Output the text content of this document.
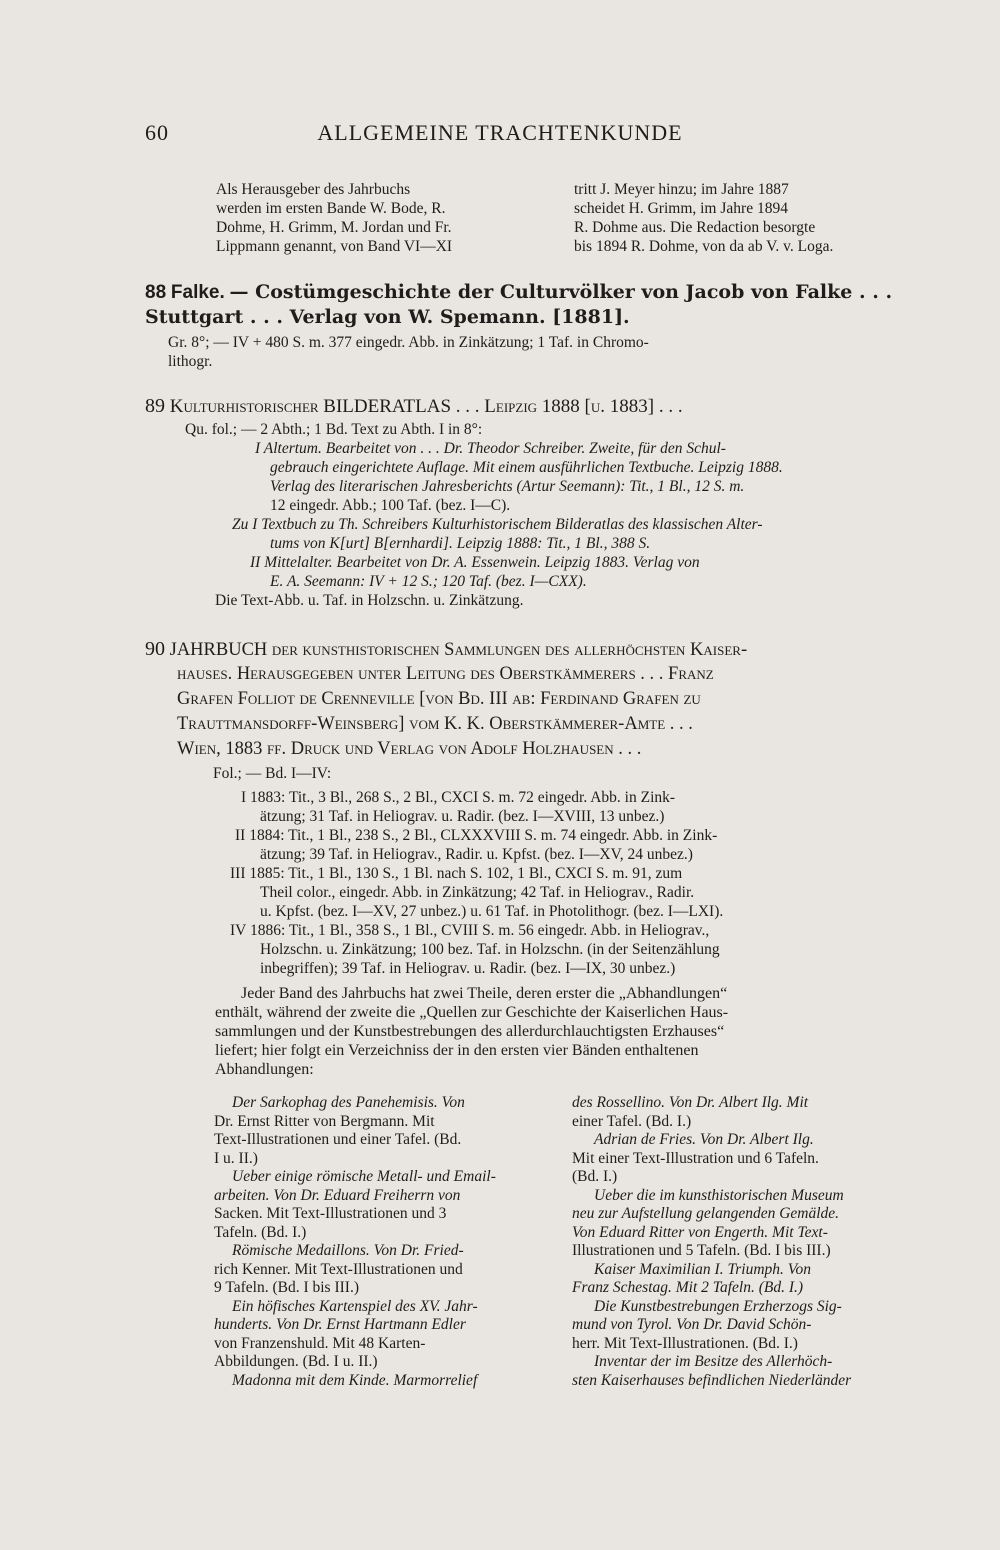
60	ALLGEMEINE TRACHTENKUNDE
Als Herausgeber des Jahrbuchs
werden im ersten Bande W. Bode, R.
Dohme, H. Grimm, M. Jordan und Fr.
Lippmann genannt, von Band VI—XI
tritt J. Meyer hinzu; im Jahre 1887
scheidet H. Grimm, im Jahre 1894
R. Dohme aus. Die Redaction besorgte
bis 1894 R. Dohme, von da ab V. v. Loga.
88 Falke. — Costümgeschichte der Culturvölker von Jacob von Falke . . .
Stuttgart . . . Verlag von W. Spemann. [1881].
Gr. 8°; — IV + 480 S. m. 377 eingedr. Abb. in Zinkätzung; 1 Taf. in Chromo-
lithogr.
89 Kulturhistorischer BILDERATLAS . . . Leipzig 1888 [u. 1883] . . .
Qu. fol.; — 2 Abth.; 1 Bd. Text zu Abth. I in 8°:
I Altertum. Bearbeitet von . . . Dr. Theodor Schreiber. Zweite, für den Schul-
gebrauch eingerichtete Auflage. Mit einem ausführlichen Textbuche. Leipzig 1888.
Verlag des literarischen Jahresberichts (Artur Seemann): Tit., 1 Bl., 12 S. m.
12 eingedr. Abb.; 100 Taf. (bez. I—C).
Zu I Textbuch zu Th. Schreibers Kulturhistorischem Bilderatlas des klassischen Alter-
tums von K[urt] B[ernhardi]. Leipzig 1888: Tit., 1 Bl., 388 S.
II Mittelalter. Bearbeitet von Dr. A. Essenwein. Leipzig 1883. Verlag von
E. A. Seemann: IV + 12 S.; 120 Taf. (bez. I—CXX).
Die Text-Abb. u. Taf. in Holzschn. u. Zinkätzung.
90 JAHRBUCH der kunsthistorischen Sammlungen des allerhöchsten Kaiser-
hauses. Herausgegeben unter Leitung des Oberstkämmerers . . . Franz
Grafen Folliot de Crenneville [von Bd. III ab: Ferdinand Grafen zu
Trauttmansdorff-Weinsberg] vom K. K. Oberstkämmerer-Amte . . .
Wien, 1883 ff. Druck und Verlag von Adolf Holzhausen . . .
Fol.; — Bd. I—IV:
I 1883: Tit., 3 Bl., 268 S., 2 Bl., CXCI S. m. 72 eingedr. Abb. in Zink-
ätzung; 31 Taf. in Heliograv. u. Radir. (bez. I—XVIII, 13 unbez.)
II 1884: Tit., 1 Bl., 238 S., 2 Bl., CLXXXVIII S. m. 74 eingedr. Abb. in Zink-
ätzung; 39 Taf. in Heliograv., Radir. u. Kpfst. (bez. I—XV, 24 unbez.)
III 1885: Tit., 1 Bl., 130 S., 1 Bl. nach S. 102, 1 Bl., CXCI S. m. 91, zum
Theil color., eingedr. Abb. in Zinkätzung; 42 Taf. in Heliograv., Radir.
u. Kpfst. (bez. I—XV, 27 unbez.) u. 61 Taf. in Photolithogr. (bez. I—LXI).
IV 1886: Tit., 1 Bl., 358 S., 1 Bl., CVIII S. m. 56 eingedr. Abb. in Heliograv.,
Holzschn. u. Zinkätzung; 100 bez. Taf. in Holzschn. (in der Seitenzählung
inbegriffen); 39 Taf. in Heliograv. u. Radir. (bez. I—IX, 30 unbez.)
Jeder Band des Jahrbuchs hat zwei Theile, deren erster die „Abhandlungen“
enthält, während der zweite die „Quellen zur Geschichte der Kaiserlichen Haus-
sammlungen und der Kunstbestrebungen des allerdurchlauchtigsten Erzhauses“
liefert; hier folgt ein Verzeichniss der in den ersten vier Bänden enthaltenen
Abhandlungen:
Der Sarkophag des Panehemisis. Von
Dr. Ernst Ritter von Bergmann. Mit
Text-Illustrationen und einer Tafel. (Bd.
I u. II.)
Ueber einige römische Metall- und Email-
arbeiten. Von Dr. Eduard Freiherrn von
Sacken. Mit Text-Illustrationen und 3
Tafeln. (Bd. I.)
Römische Medaillons. Von Dr. Fried-
rich Kenner. Mit Text-Illustrationen und
9 Tafeln. (Bd. I bis III.)
Ein höfisches Kartenspiel des XV. Jahr-
hunderts. Von Dr. Ernst Hartmann Edler
von Franzenshuld. Mit 48 Karten-
Abbildungen. (Bd. I u. II.)
Madonna mit dem Kinde. Marmorrelief
des Rossellino. Von Dr. Albert Ilg. Mit
einer Tafel. (Bd. I.)
Adrian de Fries. Von Dr. Albert Ilg.
Mit einer Text-Illustration und 6 Tafeln.
(Bd. I.)
Ueber die im kunsthistorischen Museum
neu zur Aufstellung gelangenden Gemälde.
Von Eduard Ritter von Engerth. Mit Text-
Illustrationen und 5 Tafeln. (Bd. I bis III.)
Kaiser Maximilian I. Triumph. Von
Franz Schestag. Mit 2 Tafeln. (Bd. I.)
Die Kunstbestrebungen Erzherzogs Sig-
mund von Tyrol. Von Dr. David Schön-
herr. Mit Text-Illustrationen. (Bd. I.)
Inventar der im Besitze des Allerhöch-
sten Kaiserhauses befindlichen Niederländer
